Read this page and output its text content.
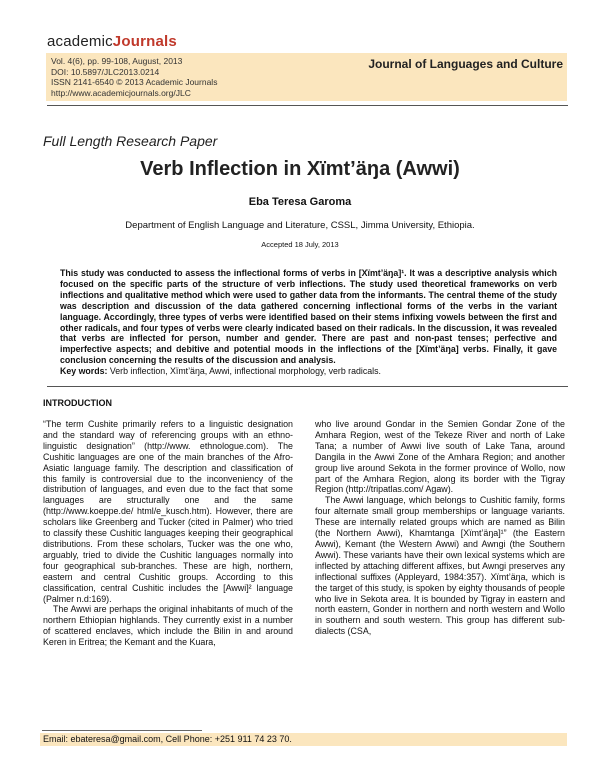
academicJournals
Vol. 4(6), pp. 99-108, August, 2013
DOI: 10.5897/JLC2013.0214
ISSN 2141-6540 © 2013 Academic Journals
http://www.academicjournals.org/JLC
Journal of Languages and Culture
Full Length Research Paper
Verb Inflection in Xïmt’äŋa (Awwi)
Eba Teresa Garoma
Department of English Language and Literature, CSSL, Jimma University, Ethiopia.
Accepted 18 July, 2013
This study was conducted to assess the inflectional forms of verbs in [Xïmt’äŋa]¹. It was a descriptive analysis which focused on the specific parts of the structure of verb inflections. The study used theoretical frameworks on verb inflections and qualitative method which were used to gather data from the informants. The central theme of the study was description and discussion of the data gathered concerning inflectional forms of the verbs in the variant language. Accordingly, three types of verbs were identified based on their stems infixing vowels between the first and other radicals, and four types of verbs were clearly indicated based on their radicals. In the discussion, it was revealed that verbs are inflected for person, number and gender. There are past and non-past tenses; perfective and imperfective aspects; and debitive and potential moods in the inflections of the [Xïmt’äŋa] verbs. Finally, it gave conclusion concerning the results of the discussion and analysis.
Key words: Verb inflection, Xïmt’äŋa, Awwi, inflectional morphology, verb radicals.
INTRODUCTION

“The term Cushite primarily refers to a linguistic designation and the standard way of referencing groups with an ethno-linguistic designation” (http://www. ethnologue.com). The Cushitic languages are one of the main branches of the Afro-Asiatic language family. The description and classification of this family is controversial due to the inconveniency of the distribution of languages, and even due to the fact that some languages are structurally one and the same (http://www.koeppe.de/ html/e_kusch.htm). However, there are scholars like Greenberg and Tucker (cited in Palmer) who tried to classify these Cushitic languages keeping their geographical distributions. From these scholars, Tucker was the one who, arguably, tried to divide the Cushitic languages normally into four geographical sub-branches. These are high, northern, eastern and central Cushitic groups. According to this classification, central Cushitic includes the [Awwi]² language (Palmer n.d:169).

The Awwi are perhaps the original inhabitants of much of the northern Ethiopian highlands. They currently exist in a number of scattered enclaves, which include the Bilin in and around Keren in Eritrea; the Kemant and the Kuara,

who live around Gondar in the Semien Gondar Zone of the Amhara Region, west of the Tekeze River and north of Lake Tana; a number of Awwi live south of Lake Tana, around Dangila in the Awwi Zone of the Amhara Region; and another group live around Sekota in the former province of Wollo, now part of the Amhara Region, along its border with the Tigray Region (http://tripatlas.com/ Agaw).

The Awwi language, which belongs to Cushitic family, forms four alternate small group memberships or language variants. These are internally related groups which are named as Bilin (the Northern Awwi), Khamtanga [Xïmt’äŋa]¹” (the Eastern Awwi), Kemant (the Western Awwi) and Awngi (the Southern Awwi). These variants have their own lexical systems which are inflected by attaching different affixes, but Awngi preserves any inflectional suffixes (Appleyard, 1984:357). Xïmt’äŋa, which is the target of this study, is spoken by eighty thousands of people who live in Sekota area. It is bounded by Tigray in eastern and north eastern, Gonder in northern and north western and Wollo in southern and south western. This group has different sub-dialects (CSA,

Email: ebateresa@gmail.com, Cell Phone: +251 911 74 23 70.
